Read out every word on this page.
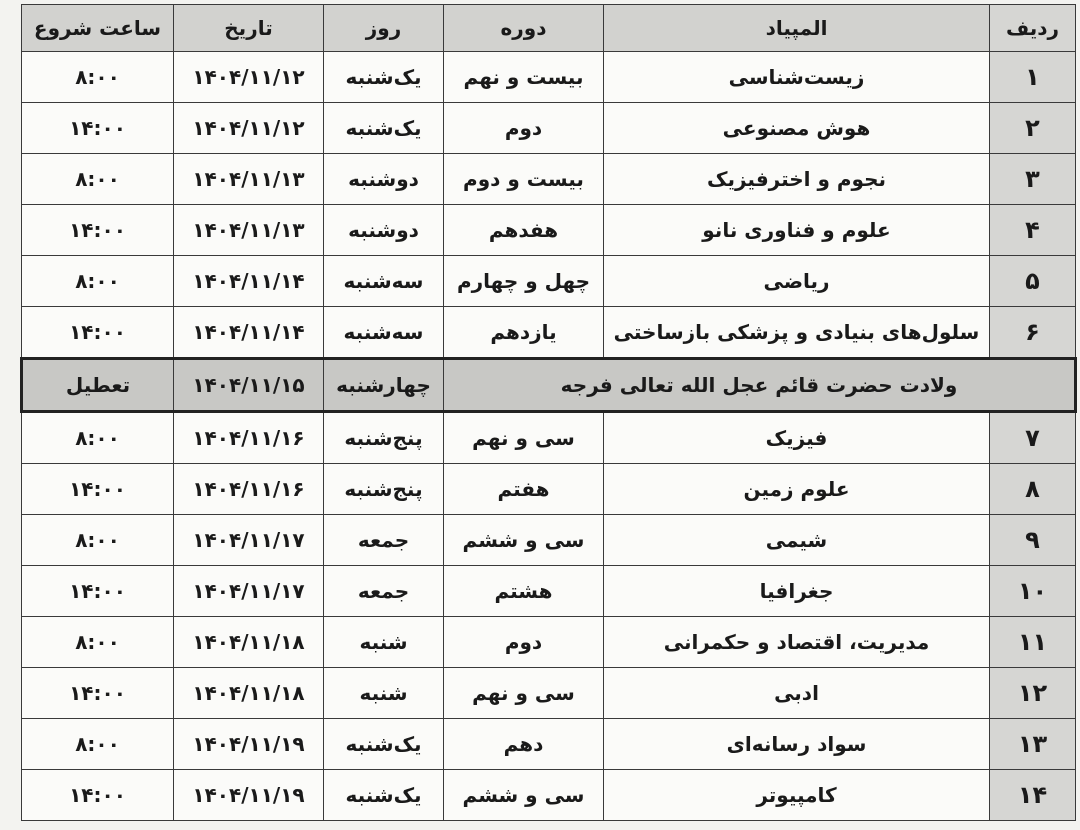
ردیف	المپیاد	دوره	روز	تاریخ	ساعت شروع
۱	زیست‌شناسی	بیست و نهم	یک‌شنبه	۱۴۰۴/۱۱/۱۲	۸:۰۰
۲	هوش مصنوعی	دوم	یک‌شنبه	۱۴۰۴/۱۱/۱۲	۱۴:۰۰
۳	نجوم و اخترفیزیک	بیست و دوم	دوشنبه	۱۴۰۴/۱۱/۱۳	۸:۰۰
۴	علوم و فناوری نانو	هفدهم	دوشنبه	۱۴۰۴/۱۱/۱۳	۱۴:۰۰
۵	ریاضی	چهل و چهارم	سه‌شنبه	۱۴۰۴/۱۱/۱۴	۸:۰۰
۶	سلول‌های بنیادی و پزشکی بازساختی	یازدهم	سه‌شنبه	۱۴۰۴/۱۱/۱۴	۱۴:۰۰
ولادت حضرت قائم عجل الله تعالی فرجه			چهارشنبه	۱۴۰۴/۱۱/۱۵	تعطیل
۷	فیزیک	سی و نهم	پنج‌شنبه	۱۴۰۴/۱۱/۱۶	۸:۰۰
۸	علوم زمین	هفتم	پنج‌شنبه	۱۴۰۴/۱۱/۱۶	۱۴:۰۰
۹	شیمی	سی و ششم	جمعه	۱۴۰۴/۱۱/۱۷	۸:۰۰
۱۰	جغرافیا	هشتم	جمعه	۱۴۰۴/۱۱/۱۷	۱۴:۰۰
۱۱	مدیریت، اقتصاد و حکمرانی	دوم	شنبه	۱۴۰۴/۱۱/۱۸	۸:۰۰
۱۲	ادبی	سی و نهم	شنبه	۱۴۰۴/۱۱/۱۸	۱۴:۰۰
۱۳	سواد رسانه‌ای	دهم	یک‌شنبه	۱۴۰۴/۱۱/۱۹	۸:۰۰
۱۴	کامپیوتر	سی و ششم	یک‌شنبه	۱۴۰۴/۱۱/۱۹	۱۴:۰۰
